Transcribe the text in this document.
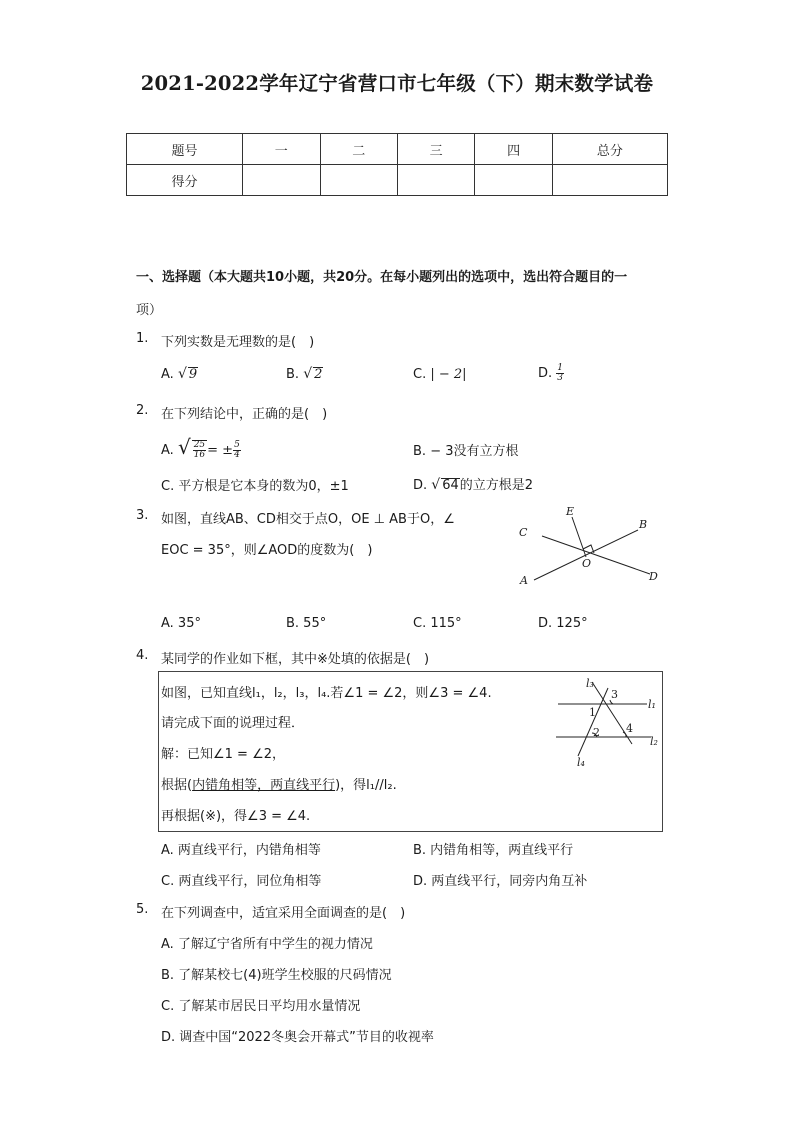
2021-2022学年辽宁省营口市七年级（下）期末数学试卷
题号	一	二	三	四	总分
得分					
一、选择题（本大题共10小题，共20分。在每小题列出的选项中，选出符合题目的一
项）
1. 下列实数是无理数的是(　)
A. √ 9	B. √ 2	C. | − 2|	D. $\frac{1}{3}$
2. 在下列结论中，正确的是(　)
A. √ $\frac{25}{16}$ = ± $\frac{5}{4}$	B. − 3没有立方根
C. 平方根是它本身的数为0，±1	D. √ 64的立方根是2
3. 如图，直线AB、CD相交于点O，OE ⊥ AB于O，∠
EOC = 35°，则∠AOD的度数为(　)
E
B
C
O
D
A
A. 35°	B. 55°	C. 115°	D. 125°
4. 某同学的作业如下框，其中※处填的依据是(　)
如图，已知直线l₁，l₂，l₃，l₄.若∠1 = ∠2，则∠3 = ∠4.
请完成下面的说理过程．
解：已知∠1 = ∠2，
根据(内错角相等，两直线平行)，得l₁//l₂.
再根据(※)，得∠3 = ∠4.
l₃
l₁
l₂
l₄
1
2
3
4
A. 两直线平行，内错角相等	B. 内错角相等，两直线平行
C. 两直线平行，同位角相等	D. 两直线平行，同旁内角互补
5. 在下列调查中，适宜采用全面调查的是(　)
A. 了解辽宁省所有中学生的视力情况
B. 了解某校七(4)班学生校服的尺码情况
C. 了解某市居民日平均用水量情况
D. 调查中国“2022冬奥会开幕式”节目的收视率
